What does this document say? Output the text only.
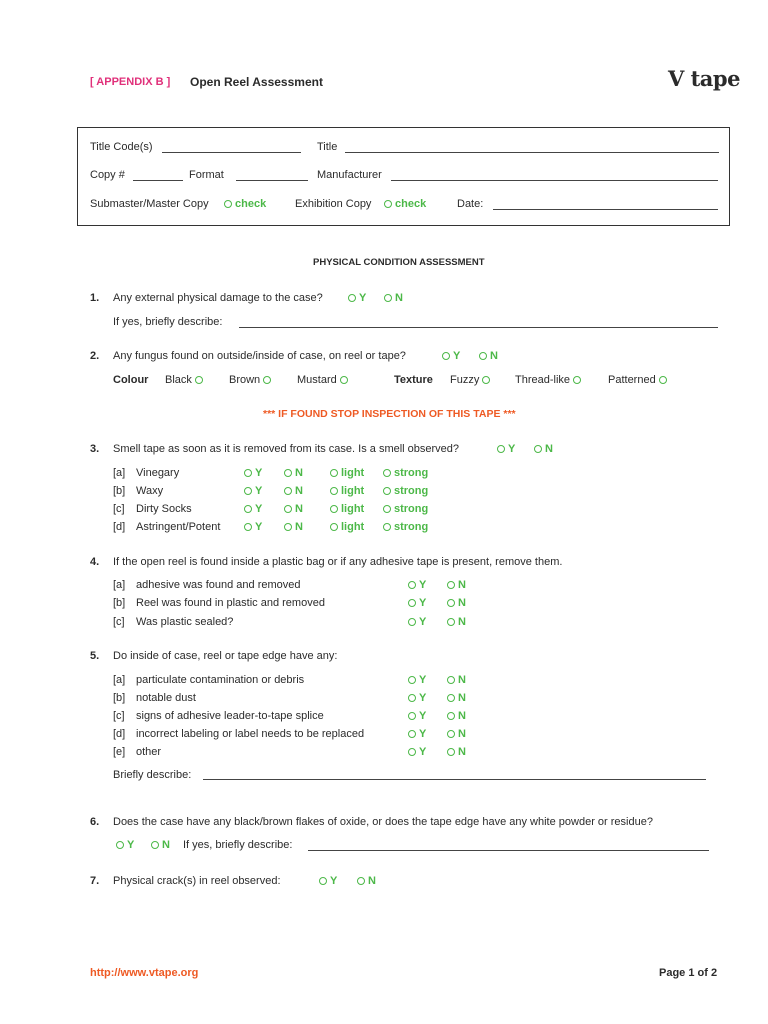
[ APPENDIX B ] Open Reel Assessment	V tape
Title Code(s)	Title
Copy #	Format	Manufacturer
Submaster/Master Copy	check	Exhibition Copy	check	Date:
PHYSICAL CONDITION ASSESSMENT
1. Any external physical damage to the case?	Y	N
If yes, briefly describe:
2. Any fungus found on outside/inside of case, on reel or tape?	Y	N
Colour Black	Brown	Mustard	Texture Fuzzy	Thread-like	Patterned
*** IF FOUND STOP INSPECTION OF THIS TAPE ***
3. Smell tape as soon as it is removed from its case. Is a smell observed?	Y	N
[a] Vinegary	Y	N	light	strong
[b] Waxy	Y	N	light	strong
[c] Dirty Socks	Y	N	light	strong
[d] Astringent/Potent	Y	N	light	strong
4. If the open reel is found inside a plastic bag or if any adhesive tape is present, remove them.
[a] adhesive was found and removed	Y	N
[b] Reel was found in plastic and removed	Y	N
[c] Was plastic sealed?	Y	N
5. Do inside of case, reel or tape edge have any:
[a] particulate contamination or debris	Y	N
[b] notable dust	Y	N
[c] signs of adhesive leader-to-tape splice	Y	N
[d] incorrect labeling or label needs to be replaced	Y	N
[e] other	Y	N
Briefly describe:
6. Does the case have any black/brown flakes of oxide, or does the tape edge have any white powder or residue?
Y	N If yes, briefly describe:
7. Physical crack(s) in reel observed:	Y	N
http://www.vtape.org	Page 1 of 2
